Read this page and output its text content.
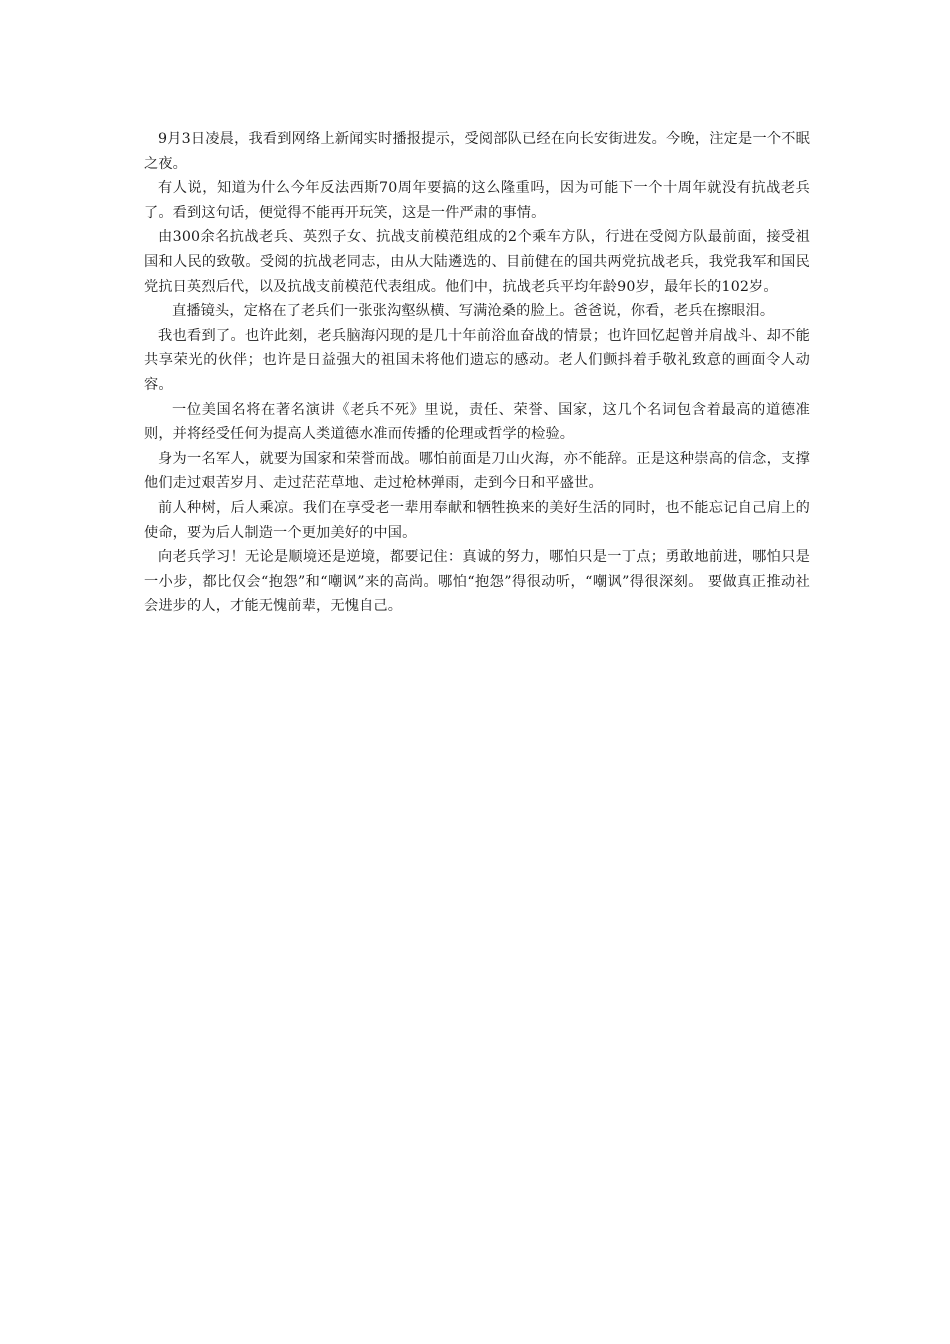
9月3日凌晨，我看到网络上新闻实时播报提示，受阅部队已经在向长安街进发。今晚，注定是一个不眠之夜。

有人说，知道为什么今年反法西斯70周年要搞的这么隆重吗，因为可能下一个十周年就没有抗战老兵了。看到这句话，便觉得不能再开玩笑，这是一件严肃的事情。

由300余名抗战老兵、英烈子女、抗战支前模范组成的2个乘车方队，行进在受阅方队最前面，接受祖国和人民的致敬。受阅的抗战老同志，由从大陆遴选的、目前健在的国共两党抗战老兵，我党我军和国民党抗日英烈后代，以及抗战支前模范代表组成。他们中，抗战老兵平均年龄90岁，最年长的102岁。

直播镜头，定格在了老兵们一张张沟壑纵横、写满沧桑的脸上。爸爸说，你看，老兵在擦眼泪。

我也看到了。也许此刻，老兵脑海闪现的是几十年前浴血奋战的情景；也许回忆起曾并肩战斗、却不能共享荣光的伙伴；也许是日益强大的祖国未将他们遗忘的感动。老人们颤抖着手敬礼致意的画面令人动容。

一位美国名将在著名演讲《老兵不死》里说，责任、荣誉、国家，这几个名词包含着最高的道德准则，并将经受任何为提高人类道德水准而传播的伦理或哲学的检验。

身为一名军人，就要为国家和荣誉而战。哪怕前面是刀山火海，亦不能辞。正是这种崇高的信念，支撑他们走过艰苦岁月、走过茫茫草地、走过枪林弹雨，走到今日和平盛世。

前人种树，后人乘凉。我们在享受老一辈用奉献和牺牲换来的美好生活的同时，也不能忘记自己肩上的使命，要为后人制造一个更加美好的中国。

向老兵学习！无论是顺境还是逆境，都要记住：真诚的努力，哪怕只是一丁点；勇敢地前进，哪怕只是一小步，都比仅会“抱怨”和“嘲讽”来的高尚。哪怕“抱怨”得很动听，“嘲讽”得很深刻。 要做真正推动社会进步的人，才能无愧前辈，无愧自己。
